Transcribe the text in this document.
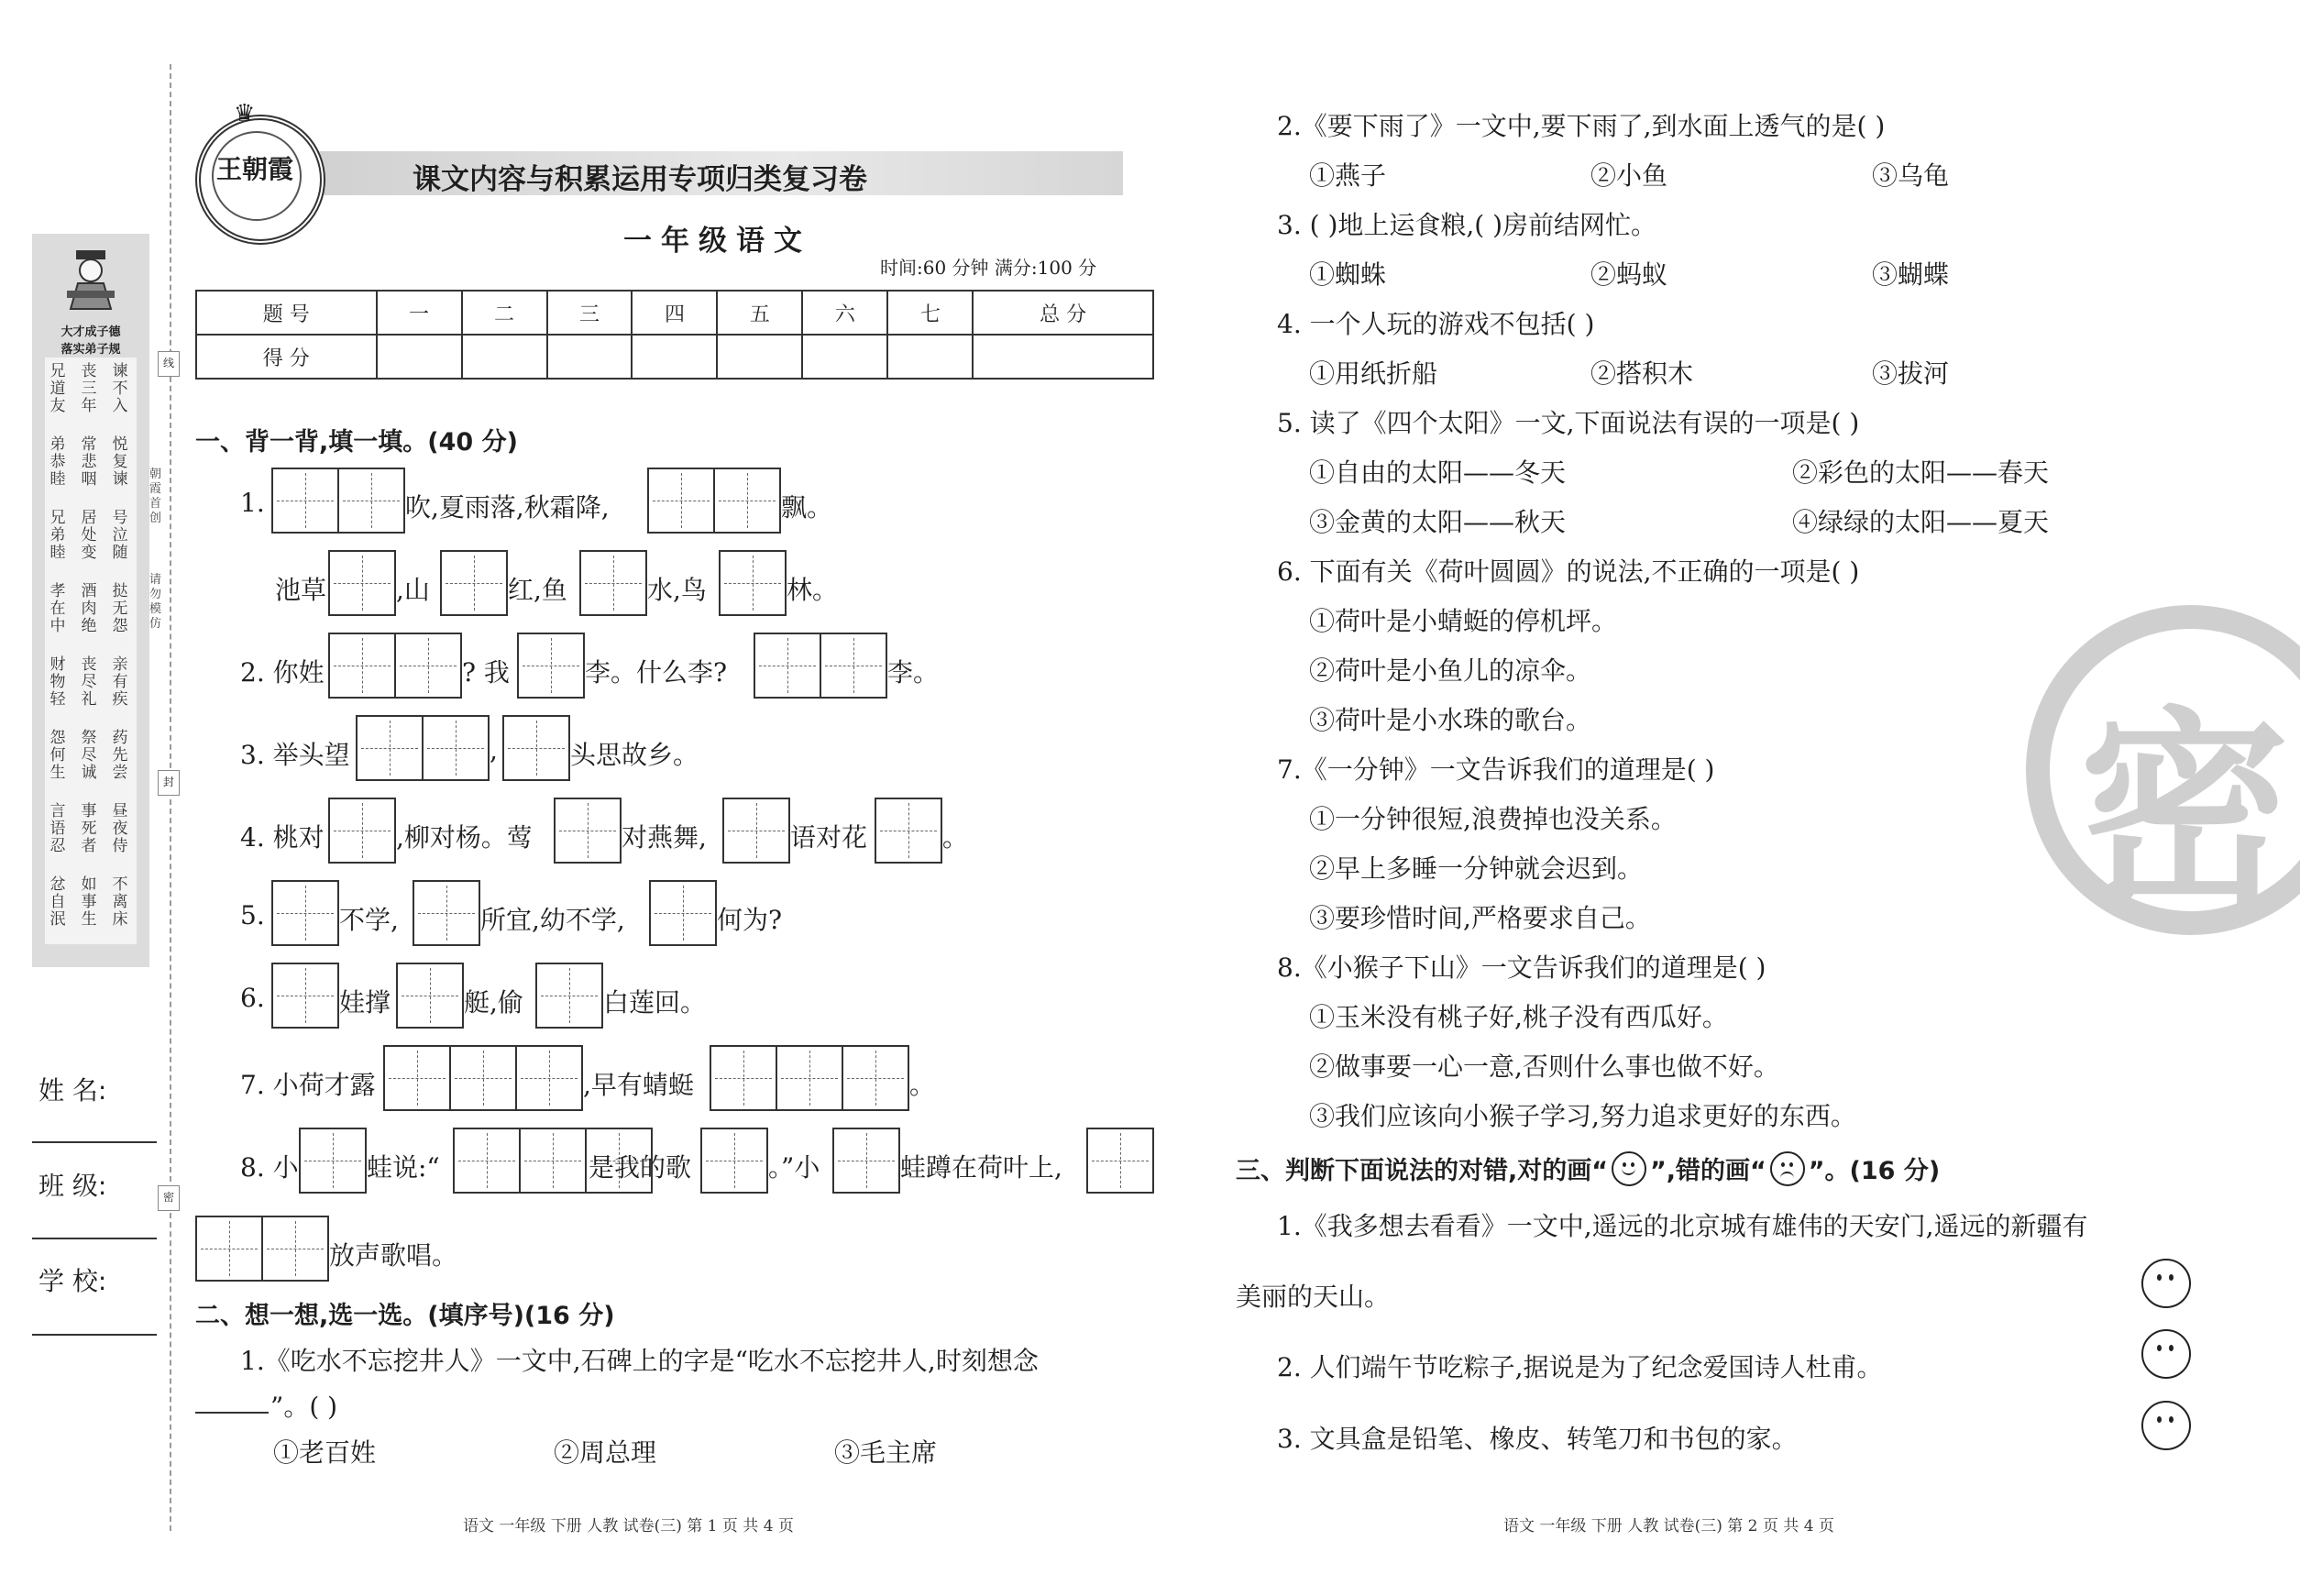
线
封
密
朝霞首创
请勿模仿
大才成子德
落实弟子规
兄道友
弟恭睦
兄弟睦
孝在中
财物轻
怨何生
言语忍
忿自泯
丧三年
常悲咽
居处变
酒肉绝
丧尽礼
祭尽诚
事死者
如事生
谏不入
悦复谏
号泣随
挞无怨
亲有疾
药先尝
昼夜侍
不离床
姓 名:
班 级:
学 校:
♛
王朝霞	课文内容与积累运用专项归类复习卷
一年级语文
时间:60 分钟 满分:100 分
题 号	一	二	三	四	五	六	七	总 分
得 分								
一、背一背,填一填。(40 分)
1.	吹,夏雨落,秋霜降,	飘。
池草	,山	红,鱼	水,鸟	林。
2. 你姓	? 我	李。什么李?	李。
3. 举头望	,	头思故乡。
4. 桃对	,柳对杨。莺	对燕舞,	语对花	。
5.	不学,	所宜,幼不学,	何为?
6.	娃撑	艇,偷	白莲回。
7. 小荷才露	,早有蜻蜓	。
8. 小	蛙说:“	是我的歌	。”小	蛙蹲在荷叶上,
放声歌唱。
二、想一想,选一选。(填序号)(16 分)
1.《吃水不忘挖井人》一文中,石碑上的字是“吃水不忘挖井人,时刻想念
”。( )
①老百姓	②周总理	③毛主席
语文 一年级 下册 人教 试卷(三) 第 1 页 共 4 页
密
2.《要下雨了》一文中,要下雨了,到水面上透气的是( )
①燕子	②小鱼	③乌龟
3. ( )地上运食粮,( )房前结网忙。
①蜘蛛	②蚂蚁	③蝴蝶
4. 一个人玩的游戏不包括( )
①用纸折船	②搭积木	③拔河
5. 读了《四个太阳》一文,下面说法有误的一项是( )
①自由的太阳——冬天	②彩色的太阳——春天
③金黄的太阳——秋天	④绿绿的太阳——夏天
6. 下面有关《荷叶圆圆》的说法,不正确的一项是( )
①荷叶是小蜻蜓的停机坪。
②荷叶是小鱼儿的凉伞。
③荷叶是小水珠的歌台。
7.《一分钟》一文告诉我们的道理是( )
①一分钟很短,浪费掉也没关系。
②早上多睡一分钟就会迟到。
③要珍惜时间,严格要求自己。
8.《小猴子下山》一文告诉我们的道理是( )
①玉米没有桃子好,桃子没有西瓜好。
②做事要一心一意,否则什么事也做不好。
③我们应该向小猴子学习,努力追求更好的东西。
三、判断下面说法的对错,对的画“ ”,错的画“ ”。(16 分)
1.《我多想去看看》一文中,遥远的北京城有雄伟的天安门,遥远的新疆有
美丽的天山。
2. 人们端午节吃粽子,据说是为了纪念爱国诗人杜甫。
3. 文具盒是铅笔、橡皮、转笔刀和书包的家。
语文 一年级 下册 人教 试卷(三) 第 2 页 共 4 页
